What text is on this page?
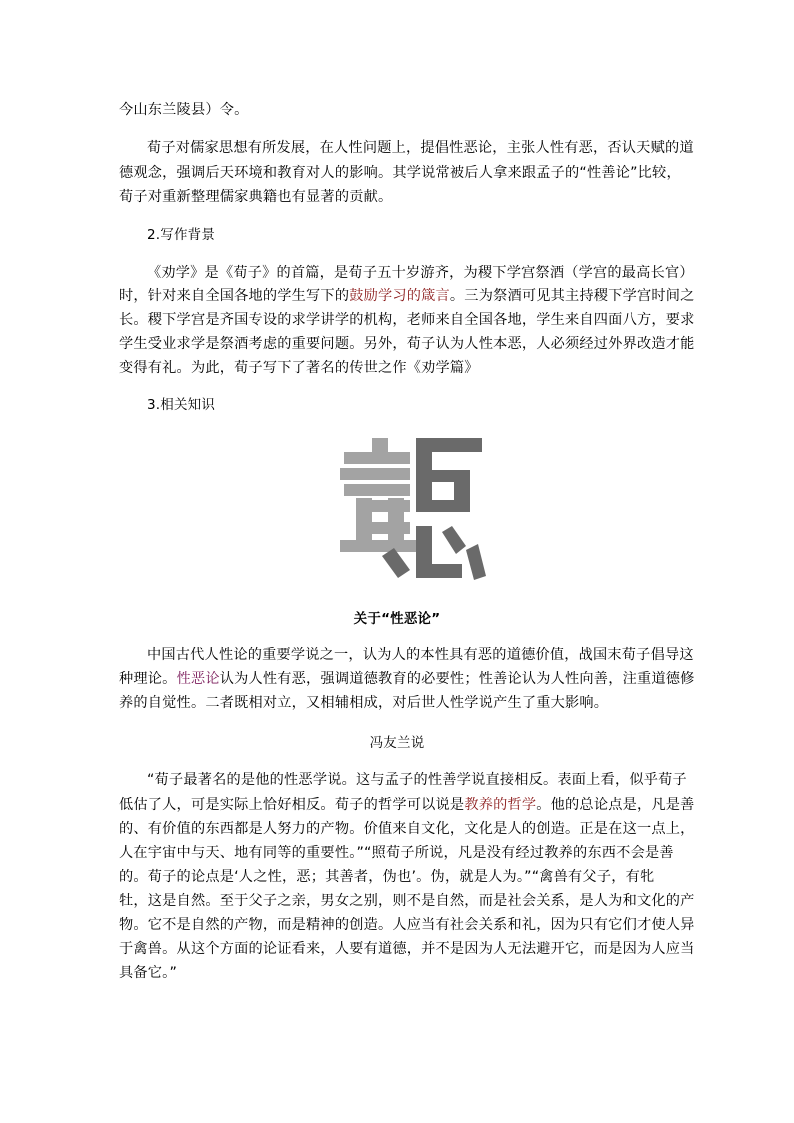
今山东兰陵县）令。
荀子对儒家思想有所发展，在人性问题上，提倡性恶论，主张人性有恶，否认天赋的道
德观念，强调后天环境和教育对人的影响。其学说常被后人拿来跟孟子的“性善论”比较，
荀子对重新整理儒家典籍也有显著的贡献。
2.写作背景
《劝学》是《荀子》的首篇，是荀子五十岁游齐，为稷下学宫祭酒（学宫的最高长官）
时，针对来自全国各地的学生写下的鼓励学习的箴言。三为祭酒可见其主持稷下学宫时间之
长。稷下学宫是齐国专设的求学讲学的机构，老师来自全国各地，学生来自四面八方，要求
学生受业求学是祭酒考虑的重要问题。另外，荀子认为人性本恶，人必须经过外界改造才能
变得有礼。为此，荀子写下了著名的传世之作《劝学篇》
3.相关知识
关于“性恶论”
中国古代人性论的重要学说之一，认为人的本性具有恶的道德价值，战国末荀子倡导这
种理论。性恶论认为人性有恶，强调道德教育的必要性；性善论认为人性向善，注重道德修
养的自觉性。二者既相对立，又相辅相成，对后世人性学说产生了重大影响。
冯友兰说
“荀子最著名的是他的性恶学说。这与孟子的性善学说直接相反。表面上看，似乎荀子
低估了人，可是实际上恰好相反。荀子的哲学可以说是教养的哲学。他的总论点是，凡是善
的、有价值的东西都是人努力的产物。价值来自文化，文化是人的创造。正是在这一点上，
人在宇宙中与天、地有同等的重要性。”“照荀子所说，凡是没有经过教养的东西不会是善
的。荀子的论点是‘人之性，恶；其善者，伪也’。伪，就是人为。”“禽兽有父子，有牝
牡，这是自然。至于父子之亲，男女之别，则不是自然，而是社会关系，是人为和文化的产
物。它不是自然的产物，而是精神的创造。人应当有社会关系和礼，因为只有它们才使人异
于禽兽。从这个方面的论证看来，人要有道德，并不是因为人无法避开它，而是因为人应当
具备它。”
